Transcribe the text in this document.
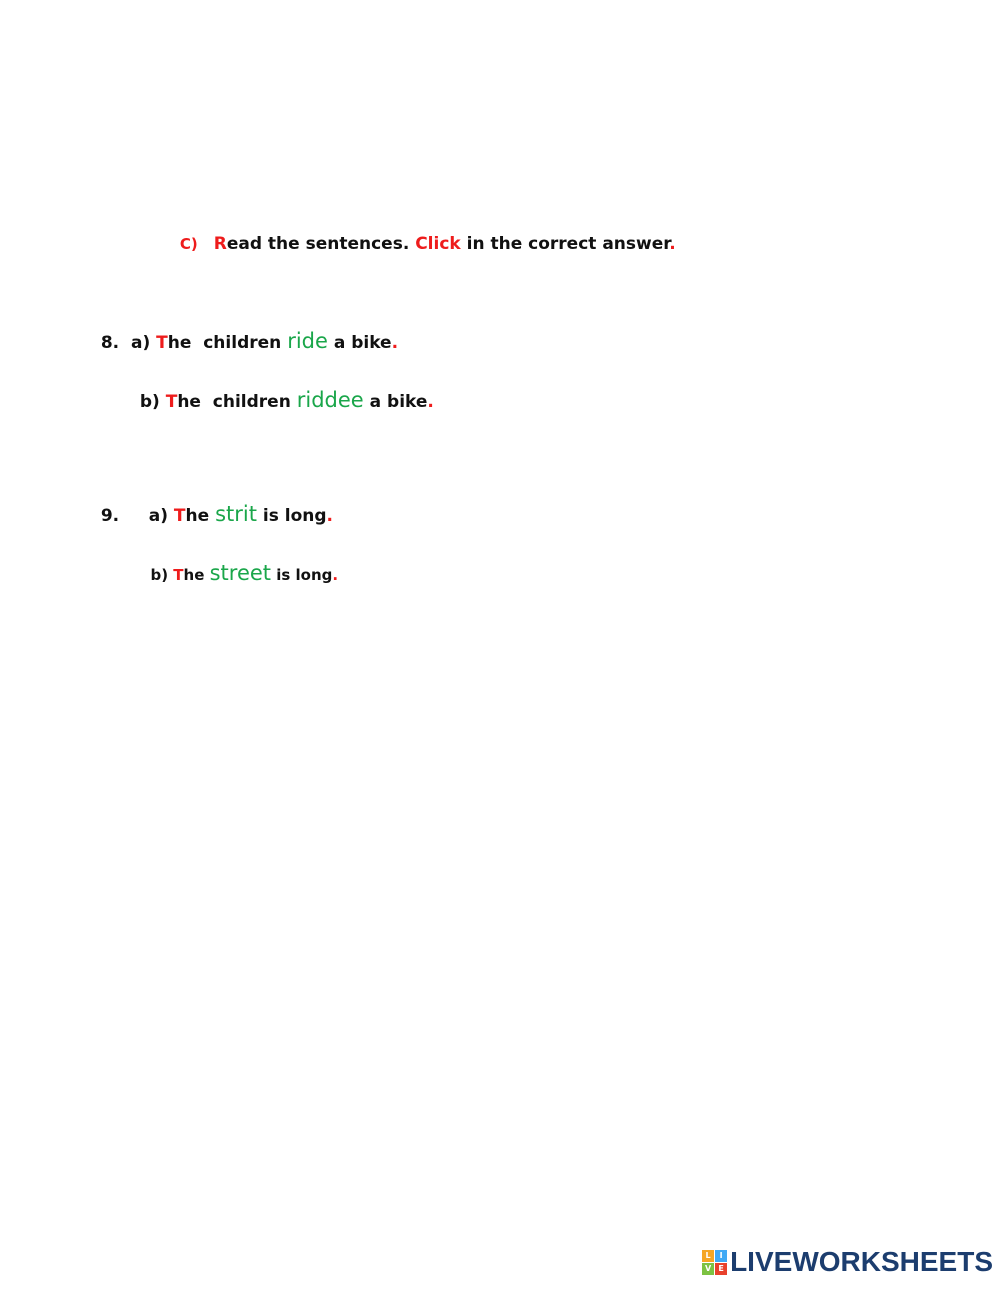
C) Read the sentences. Click in the correct answer.

8. a) The  children ride a bike.

b) The  children riddee a bike.

9. a) The strit is long.

b) The street is long.

L	I
V E LIVEWORKSHEETS
